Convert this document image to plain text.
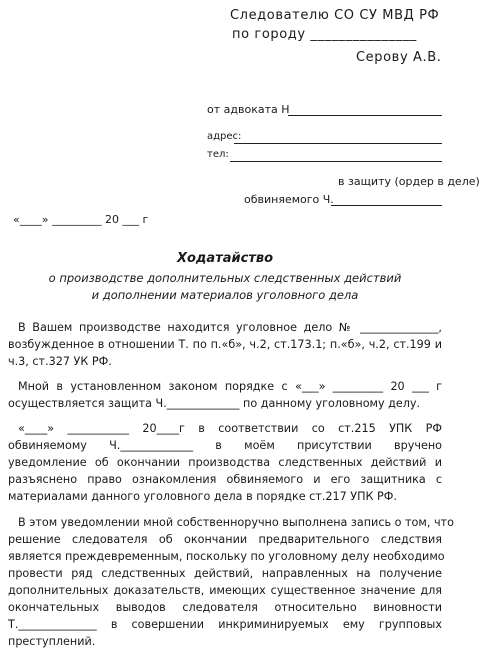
Следователю СО СУ МВД РФ
по городу _______________
Серову А.В.
от адвоката Н
адрес:
тел:
в защиту (ордер в деле)
обвиняемого Ч.
«____» _________ 20 ___ г
Ходатайство
о производстве дополнительных следственных действий
и дополнении материалов уголовного дела
В Вашем производстве находится уголовное дело № ______________,
возбужденное в отношении Т. по п.«б», ч.2, ст.173.1; п.«б», ч.2, ст.199 и
ч.3, ст.327 УК РФ.
Мной в установленном законом порядке с «___» _________ 20 ___ г
осуществляется защита Ч._____________ по данному уголовному делу.
«____» ___________ 20____г в соответствии со ст.215 УПК РФ
обвиняемому Ч._____________ в моём присутствии вручено
уведомление об окончании производства следственных действий и
разъяснено право ознакомления обвиняемого и его защитника с
материалами данного уголовного дела в порядке ст.217 УПК РФ.
В этом уведомлении мной собственноручно выполнена запись о том, что
решение следователя об окончании предварительного следствия
является преждевременным, поскольку по уголовному делу необходимо
провести ряд следственных действий, направленных на получение
дополнительных доказательств, имеющих существенное значение для
окончательных выводов следователя относительно виновности
Т.______________ в совершении инкриминируемых ему групповых
преступлений.
